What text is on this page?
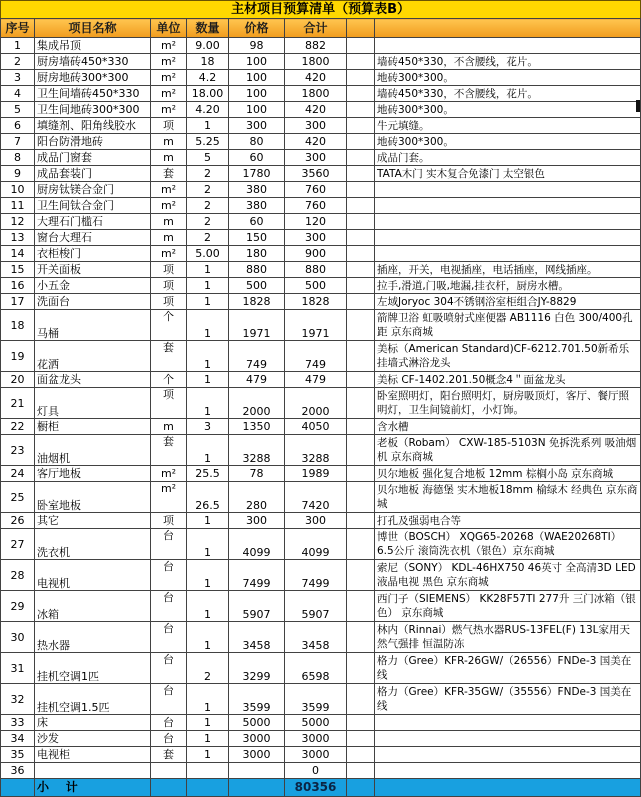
主材项目预算清单（预算表B）							
序号	项目名称	单位	数量	价格	合计		
1	集成吊顶	m²	9.00	98	882		
2	厨房墙砖450*330	m²	18	100	1800		墙砖450*330，不含腰线，花片。
3	厨房地砖300*300	m²	4.2	100	420		地砖300*300。
4	卫生间墙砖450*330	m²	18.00	100	1800		墙砖450*330，不含腰线，花片。
5	卫生间地砖300*300	m²	4.20	100	420		地砖300*300。
6	填缝剂、阳角线胶水	项	1	300	300		牛元填缝。
7	阳台防滑地砖	m	5.25	80	420		地砖300*300。
8	成品门窗套	m	5	60	300		成品门套。
9	成品套装门	套	2	1780	3560		TATA木门 实木复合免漆门 太空银色
10	厨房钛镁合金门	m²	2	380	760		
11	卫生间钛合金门	m²	2	380	760		
12	大理石门槛石	m	2	60	120		
13	窗台大理石	m	2	150	300		
14	衣柜梭门	m²	5.00	180	900		
15	开关面板	项	1	880	880		插座，开关，电视插座，电话插座，网线插座。
16	小五金	项	1	500	500		拉手,滑道,门吸,地漏,挂衣杆，厨房水槽。
17	洗面台	项	1	1828	1828		左域Joryoc 304不锈钢浴室柜组合JY-8829
18	马桶	个	1	1971	1971		箭牌卫浴 虹吸喷射式座便器 AB1116 白色 300/400孔距 京东商城
19	花洒	套	1	749	749		美标（American Standard)CF-6212.701.50新希乐挂墙式淋浴龙头
20	面盆龙头	个	1	479	479		美标 CF-1402.201.50概念4＂面盆龙头
21	灯具	项	1	2000	2000		卧室照明灯，阳台照明灯，厨房吸顶灯，客厅、餐厅照明灯，卫生间镜前灯，小灯饰。
22	橱柜	m	3	1350	4050		含水槽
23	油烟机	套	1	3288	3288		老板（Robam） CXW-185-5103N 免拆洗系列 吸油烟机 京东商城
24	客厅地板	m²	25.5	78	1989		贝尔地板 强化复合地板 12mm 棕榈小岛 京东商城
25	卧室地板	m²	26.5	280	7420		贝尔地板 海德堡 实木地板18mm 榆绿木 经典色 京东商城
26	其它	项	1	300	300		打孔及强弱电合等
27	洗衣机	台	1	4099	4099		博世（BOSCH） XQG65-20268（WAE20268TI） 6.5公斤 滚筒洗衣机（银色）京东商城
28	电视机	台	1	7499	7499		索尼（SONY） KDL-46HX750 46英寸 全高清3D LED液晶电视 黑色 京东商城
29	冰箱	台	1	5907	5907		西门子（SIEMENS） KK28F57TI 277升 三门冰箱（银色） 京东商城
30	热水器	台	1	3458	3458		林内（Rinnai）燃气热水器RUS-13FEL(F) 13L家用天然气强排 恒温防冻
31	挂机空调1匹	台	2	3299	6598		格力（Gree）KFR-26GW/（26556）FNDe-3 国美在线
32	挂机空调1.5匹	台	1	3599	3599		格力（Gree）KFR-35GW/（35556）FNDe-3 国美在线
33	床	台	1	5000	5000		
34	沙发	台	1	3000	3000		
35	电视柜	套	1	3000	3000		
36					0		
	小    计				80356		
